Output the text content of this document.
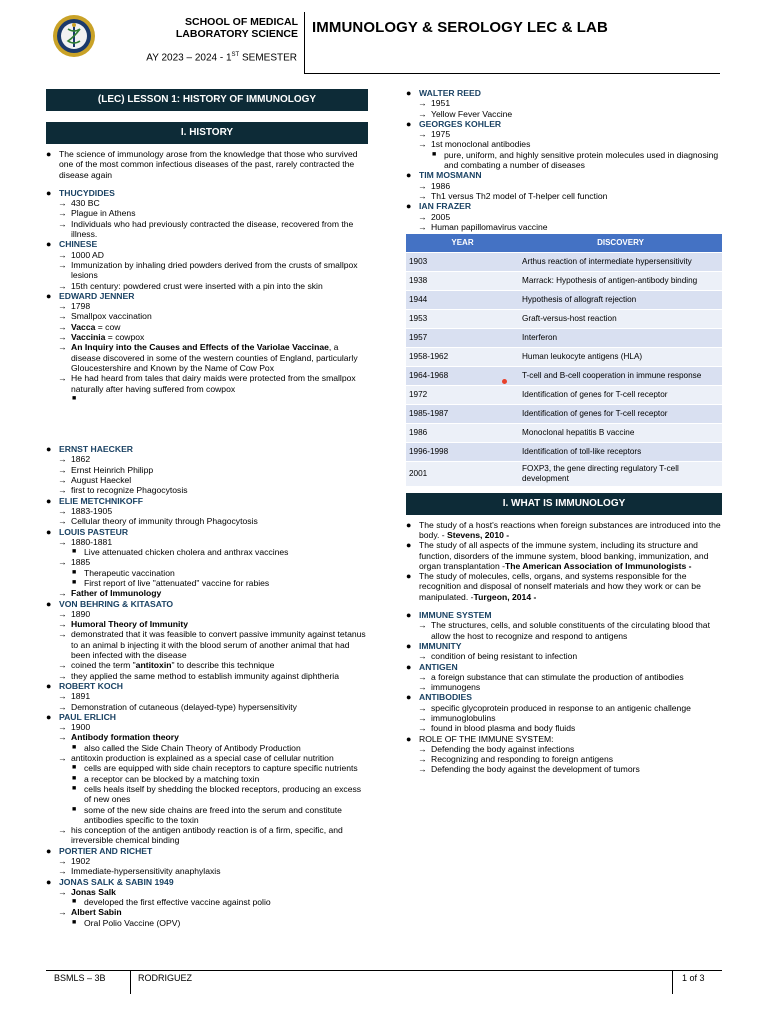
SCHOOL OF MEDICAL
LABORATORY SCIENCE IMMUNOLOGY & SEROLOGY LEC & LAB
AY 2023 – 2024 - 1ST SEMESTER
(LEC) LESSON 1: HISTORY OF IMMUNOLOGY
I. HISTORY
● The science of immunology arose from the knowledge that those who survived one of the most common infectious diseases of the past, rarely contracted the disease again
● THUCYDIDES
→ 430 BC
→ Plague in Athens
→ Individuals who had previously contracted the disease, recovered from the illness.
● CHINESE
→ 1000 AD
→ Immunization by inhaling dried powders derived from the crusts of smallpox lesions
→ 15th century: powdered crust were inserted with a pin into the skin
● EDWARD JENNER
→ 1798
→ Smallpox vaccination
→ Vacca = cow
→ Vaccinia = cowpox
→ An Inquiry into the Causes and Effects of the Variolae Vaccinae, a disease discovered in some of the western counties of England, particularly Gloucestershire and Known by the Name of Cow Pox
→ He had heard from tales that dairy maids were protected from the smallpox naturally after having suffered from cowpox
■
● ERNST HAECKER
→ 1862
→ Ernst Heinrich Philipp
→ August Haeckel
→ first to recognize Phagocytosis
● ELIE METCHNIKOFF
→ 1883-1905
→ Cellular theory of immunity through Phagocytosis
● LOUIS PASTEUR
→ 1880-1881
■ Live attenuated chicken cholera and anthrax vaccines
→ 1885
■ Therapeutic vaccination
■ First report of live "attenuated" vaccine for rabies
→ Father of Immunology
● VON BEHRING & KITASATO
→ 1890
→ Humoral Theory of Immunity
→ demonstrated that it was feasible to convert passive immunity against tetanus to an animal b injecting it with the blood serum of another animal that had been infected with the disease
→ coined the term "antitoxin" to describe this technique
→ they applied the same method to establish immunity against diphtheria
● ROBERT KOCH
→ 1891
→ Demonstration of cutaneous (delayed-type) hypersensitivity
● PAUL ERLICH
→ 1900
→ Antibody formation theory
■ also called the Side Chain Theory of Antibody Production
→ antitoxin production is explained as a special case of cellular nutrition
■ cells are equipped with side chain receptors to capture specific nutrients
■ a receptor can be blocked by a matching toxin
■ cells heals itself by shedding the blocked receptors, producing an excess of new ones
■ some of the new side chains are freed into the serum and constitute antibodies specific to the toxin
→ his conception of the antigen antibody reaction is of a firm, specific, and irreversible chemical binding
● PORTIER AND RICHET
→ 1902
→ Immediate-hypersensitivity anaphylaxis
● JONAS SALK & SABIN 1949
→ Jonas Salk
■ developed the first effective vaccine against polio
→ Albert Sabin
■ Oral Polio Vaccine (OPV)
● WALTER REED
→ 1951
→ Yellow Fever Vaccine
● GEORGES KOHLER
→ 1975
→ 1st monoclonal antibodies
■ pure, uniform, and highly sensitive protein molecules used in diagnosing and combating a number of diseases
● TIM MOSMANN
→ 1986
→ Th1 versus Th2 model of T-helper cell function
● IAN FRAZER
→ 2005
→ Human papillomavirus vaccine
YEAR	DISCOVERY
1903	Arthus reaction of intermediate hypersensitivity
1938	Marrack: Hypothesis of antigen-antibody binding
1944	Hypothesis of allograft rejection
1953	Graft-versus-host reaction
1957	Interferon
1958-1962	Human leukocyte antigens (HLA)
1964-1968	T-cell and B-cell cooperation in immune response
1972	Identification of genes for T-cell receptor
1985-1987	Identification of genes for T-cell receptor
1986	Monoclonal hepatitis B vaccine
1996-1998	Identification of toll-like receptors
2001	FOXP3, the gene directing regulatory T-cell development
I. WHAT IS IMMUNOLOGY
● The study of a host's reactions when foreign substances are introduced into the body. - Stevens, 2010 -
● The study of all aspects of the immune system, including its structure and function, disorders of the immune system, blood banking, immunization, and organ transplantation -The American Association of Immunologists -
● The study of molecules, cells, organs, and systems responsible for the recognition and disposal of nonself materials and how they work or can be manipulated. -Turgeon, 2014 -
● IMMUNE SYSTEM
→ The structures, cells, and soluble constituents of the circulating blood that allow the host to recognize and respond to antigens
● IMMUNITY
→ condition of being resistant to infection
● ANTIGEN
→ a foreign substance that can stimulate the production of antibodies
→ immunogens
● ANTIBODIES
→ specific glycoprotein produced in response to an antigenic challenge
→ immunoglobulins
→ found in blood plasma and body fluids
● ROLE OF THE IMMUNE SYSTEM:
→ Defending the body against infections
→ Recognizing and responding to foreign antigens
→ Defending the body against the development of tumors
BSMLS – 3B	RODRIGUEZ	1 of 3
